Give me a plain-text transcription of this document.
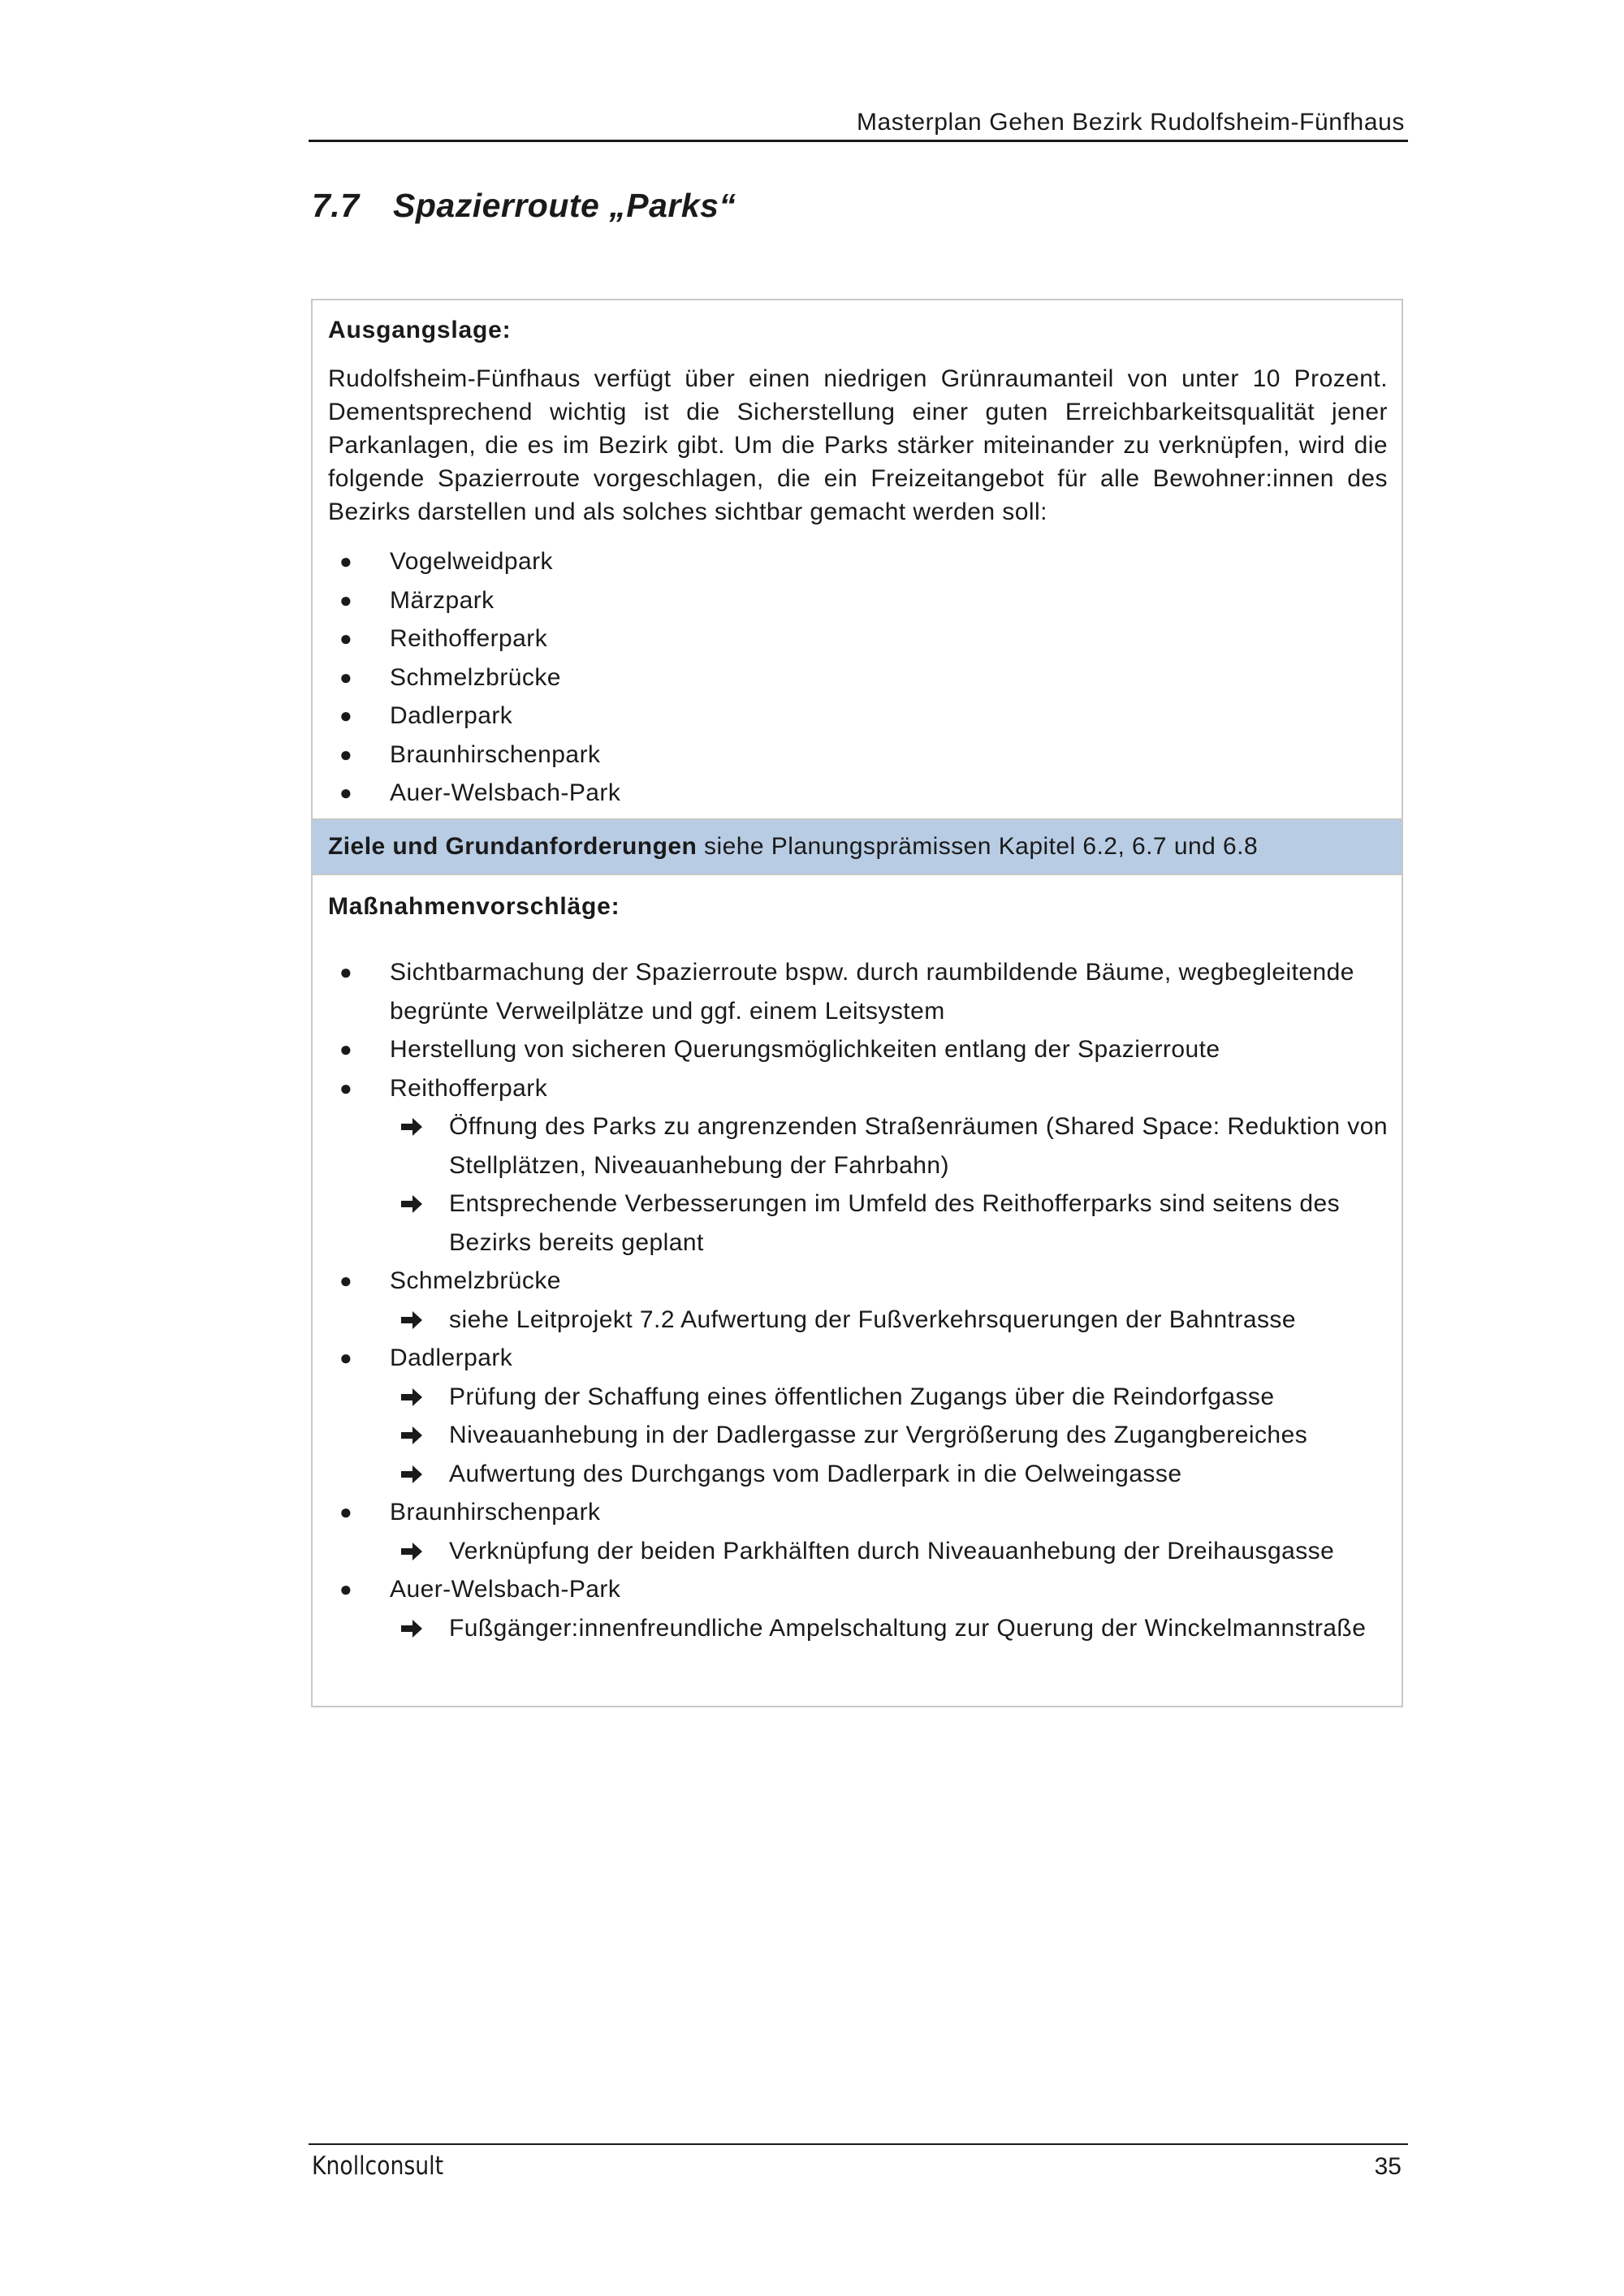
Masterplan Gehen Bezirk Rudolfsheim-Fünfhaus
7.7 Spazierroute „Parks“
Ausgangslage:
Rudolfsheim-Fünfhaus verfügt über einen niedrigen Grünraumanteil von unter 10 Prozent. Dementsprechend wichtig ist die Sicherstellung einer guten Erreichbarkeitsqualität jener Parkanlagen, die es im Bezirk gibt. Um die Parks stärker miteinander zu verknüpfen, wird die folgende Spazierroute vorgeschlagen, die ein Freizeitangebot für alle Bewohner:innen des Bezirks darstellen und als solches sichtbar gemacht werden soll:
● Vogelweidpark
● Märzpark
● Reithofferpark
● Schmelzbrücke
● Dadlerpark
● Braunhirschenpark
● Auer-Welsbach-Park
Ziele und Grundanforderungen siehe Planungsprämissen Kapitel 6.2, 6.7 und 6.8
Maßnahmenvorschläge:
● Sichtbarmachung der Spazierroute bspw. durch raumbildende Bäume, wegbegleitende begrünte Verweilplätze und ggf. einem Leitsystem
● Herstellung von sicheren Querungsmöglichkeiten entlang der Spazierroute
● Reithofferpark
Öffnung des Parks zu angrenzenden Straßenräumen (Shared Space: Reduktion von Stellplätzen, Niveauanhebung der Fahrbahn)
Entsprechende Verbesserungen im Umfeld des Reithofferparks sind seitens des Bezirks bereits geplant
● Schmelzbrücke
siehe Leitprojekt 7.2 Aufwertung der Fußverkehrsquerungen der Bahntrasse
● Dadlerpark
Prüfung der Schaffung eines öffentlichen Zugangs über die Reindorfgasse
Niveauanhebung in der Dadlergasse zur Vergrößerung des Zugangbereiches
Aufwertung des Durchgangs vom Dadlerpark in die Oelweingasse
● Braunhirschenpark
Verknüpfung der beiden Parkhälften durch Niveauanhebung der Dreihausgasse
● Auer-Welsbach-Park
Fußgänger:innenfreundliche Ampelschaltung zur Querung der Winckelmannstraße
Knollconsult	35
